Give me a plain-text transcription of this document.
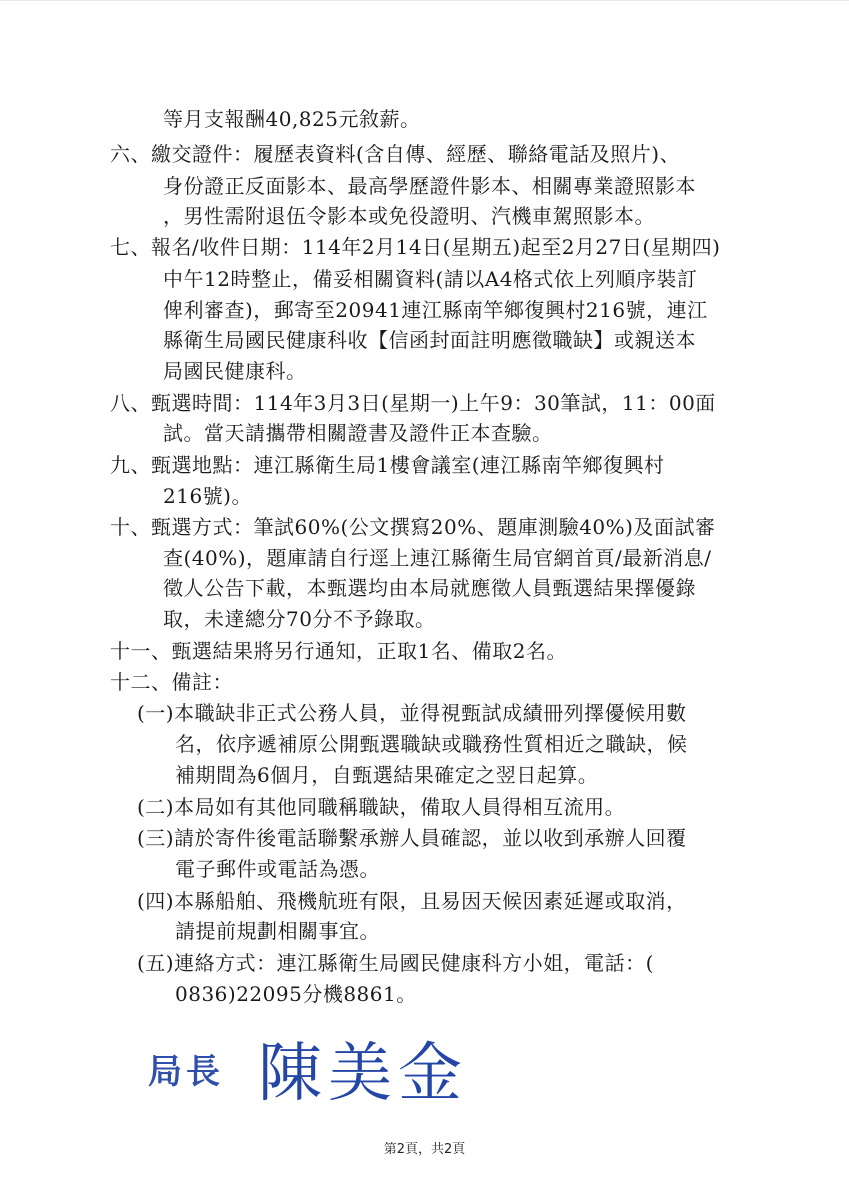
等月支報酬40,825元敘薪。
六、繳交證件：履歷表資料(含自傳、經歷、聯絡電話及照片)、
身份證正反面影本、最高學歷證件影本、相關專業證照影本
，男性需附退伍令影本或免役證明、汽機車駕照影本。
七、報名/收件日期：114年2月14日(星期五)起至2月27日(星期四)
中午12時整止，備妥相關資料(請以A4格式依上列順序裝訂
俾利審查)，郵寄至20941連江縣南竿鄉復興村216號，連江
縣衛生局國民健康科收【信函封面註明應徵職缺】或親送本
局國民健康科。
八、甄選時間：114年3月3日(星期一)上午9：30筆試，11：00面
試。當天請攜帶相關證書及證件正本查驗。
九、甄選地點：連江縣衛生局1樓會議室(連江縣南竿鄉復興村
216號)。
十、甄選方式：筆試60%(公文撰寫20%、題庫測驗40%)及面試審
查(40%)，題庫請自行逕上連江縣衛生局官網首頁/最新消息/
徵人公告下載，本甄選均由本局就應徵人員甄選結果擇優錄
取，未達總分70分不予錄取。
十一、甄選結果將另行通知，正取1名、備取2名。
十二、備註：
(一)本職缺非正式公務人員，並得視甄試成績冊列擇優候用數
名，依序遞補原公開甄選職缺或職務性質相近之職缺，候
補期間為6個月，自甄選結果確定之翌日起算。
(二)本局如有其他同職稱職缺，備取人員得相互流用。
(三)請於寄件後電話聯繫承辦人員確認，並以收到承辦人回覆
電子郵件或電話為憑。
(四)本縣船舶、飛機航班有限，且易因天候因素延遲或取消，
請提前規劃相關事宜。
(五)連絡方式：連江縣衛生局國民健康科方小姐，電話：(
0836)22095分機8861。
局長 陳美金
第2頁，共2頁
